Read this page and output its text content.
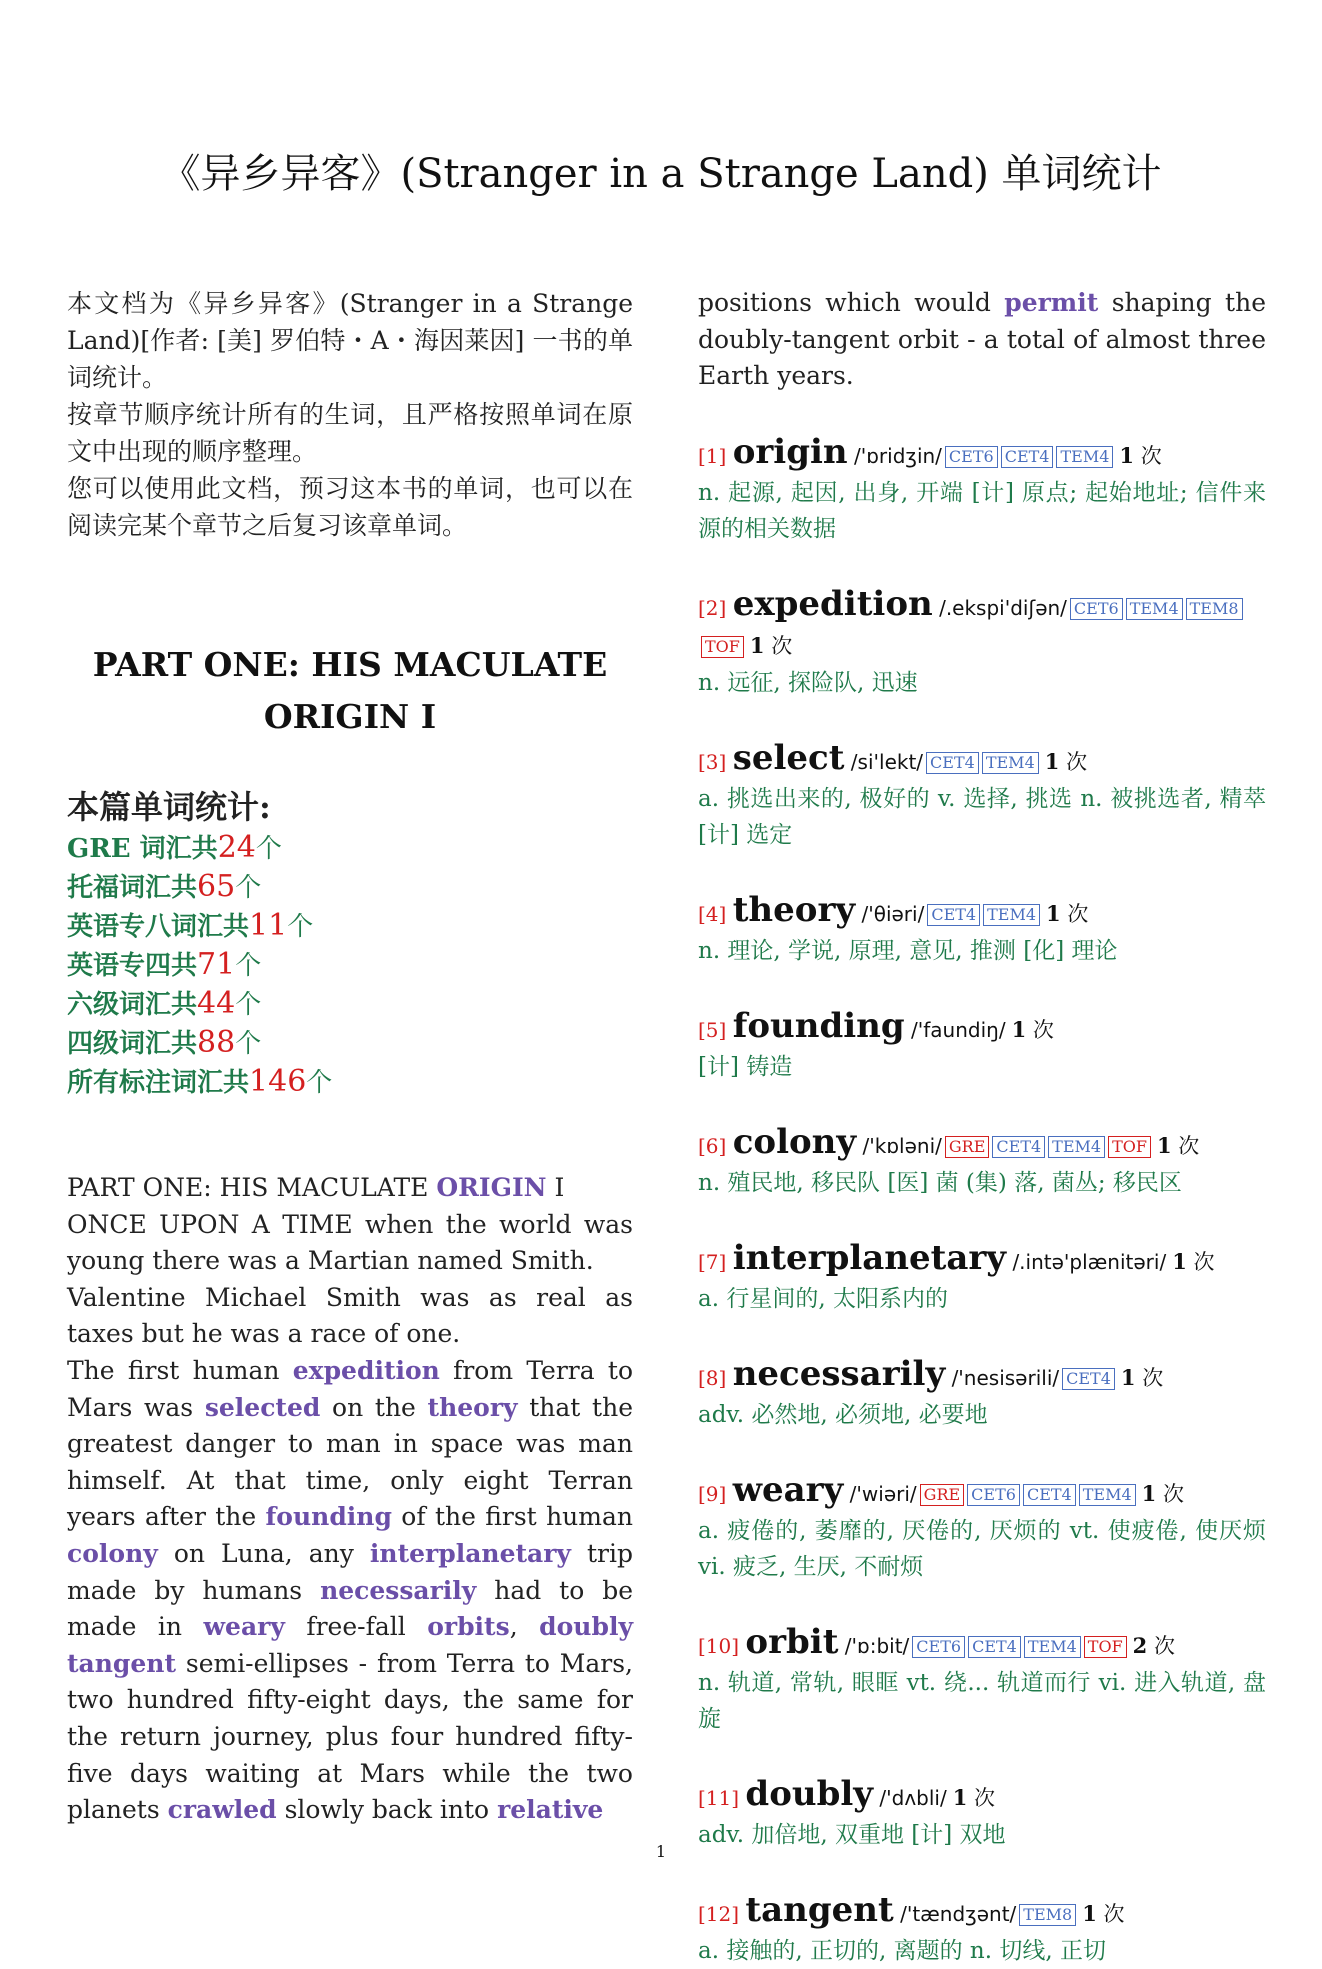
《异乡异客》(Stranger in a Strange Land) 单词统计

本文档为《异乡异客》(Stranger in a Strange Land)[作者: [美] 罗伯特・A・海因莱因] 一书的单词统计。

按章节顺序统计所有的生词，且严格按照单词在原文中出现的顺序整理。

您可以使用此文档，预习这本书的单词，也可以在阅读完某个章节之后复习该章单词。

PART ONE: HIS MACULATE
ORIGIN I
本篇单词统计:
GRE 词汇共24个
托福词汇共65个
英语专八词汇共11个
英语专四共71个
六级词汇共44个
四级词汇共88个
所有标注词汇共146个

PART ONE: HIS MACULATE ORIGIN I

ONCE UPON A TIME when the world was young there was a Martian named Smith.

Valentine Michael Smith was as real as taxes but he was a race of one.

The first human expedition from Terra to Mars was selected on the theory that the greatest danger to man in space was man himself. At that time, only eight Terran years after the founding of the first human colony on Luna, any interplanetary trip made by humans necessarily had to be made in weary free-fall orbits, doubly tangent semi-ellipses - from Terra to Mars, two hundred fifty-eight days, the same for the return journey, plus four hundred fifty-five days waiting at Mars while the two planets crawled slowly back into relative

positions which would permit shaping the doubly-tangent orbit - a total of almost three Earth years.

[1] origin /'ɒridʒin/ CET6 CET4 TEM4 1 次
n. 起源, 起因, 出身, 开端 [计] 原点; 起始地址; 信件来源的相关数据
[2] expedition /.ekspi'diʃən/ CET6 TEM4 TEM8TOF 1 次
n. 远征, 探险队, 迅速
[3] select /si'lekt/ CET4 TEM4 1 次
a. 挑选出来的, 极好的 v. 选择, 挑选 n. 被挑选者, 精萃 [计] 选定
[4] theory /'θiəri/ CET4 TEM4 1 次
n. 理论, 学说, 原理, 意见, 推测 [化] 理论
[5] founding /'faundiŋ/ 1 次
[计] 铸造
[6] colony /'kɒləni/ GRE CET4 TEM4 TOF 1 次
n. 殖民地, 移民队 [医] 菌 (集) 落, 菌丛; 移民区
[7] interplanetary /.intə'plænitəri/ 1 次
a. 行星间的, 太阳系内的
[8] necessarily /'nesisərili/ CET4 1 次
adv. 必然地, 必须地, 必要地
[9] weary /'wiəri/ GRE CET6 CET4 TEM4 1 次
a. 疲倦的, 萎靡的, 厌倦的, 厌烦的 vt. 使疲倦, 使厌烦 vi. 疲乏, 生厌, 不耐烦
[10] orbit /'ɒ:bit/ CET6 CET4 TEM4 TOF 2 次
n. 轨道, 常轨, 眼眶 vt. 绕... 轨道而行 vi. 进入轨道, 盘旋
[11] doubly /'dʌbli/ 1 次
adv. 加倍地, 双重地 [计] 双地
[12] tangent /'tændʒənt/ TEM8 1 次
a. 接触的, 正切的, 离题的 n. 切线, 正切
1
